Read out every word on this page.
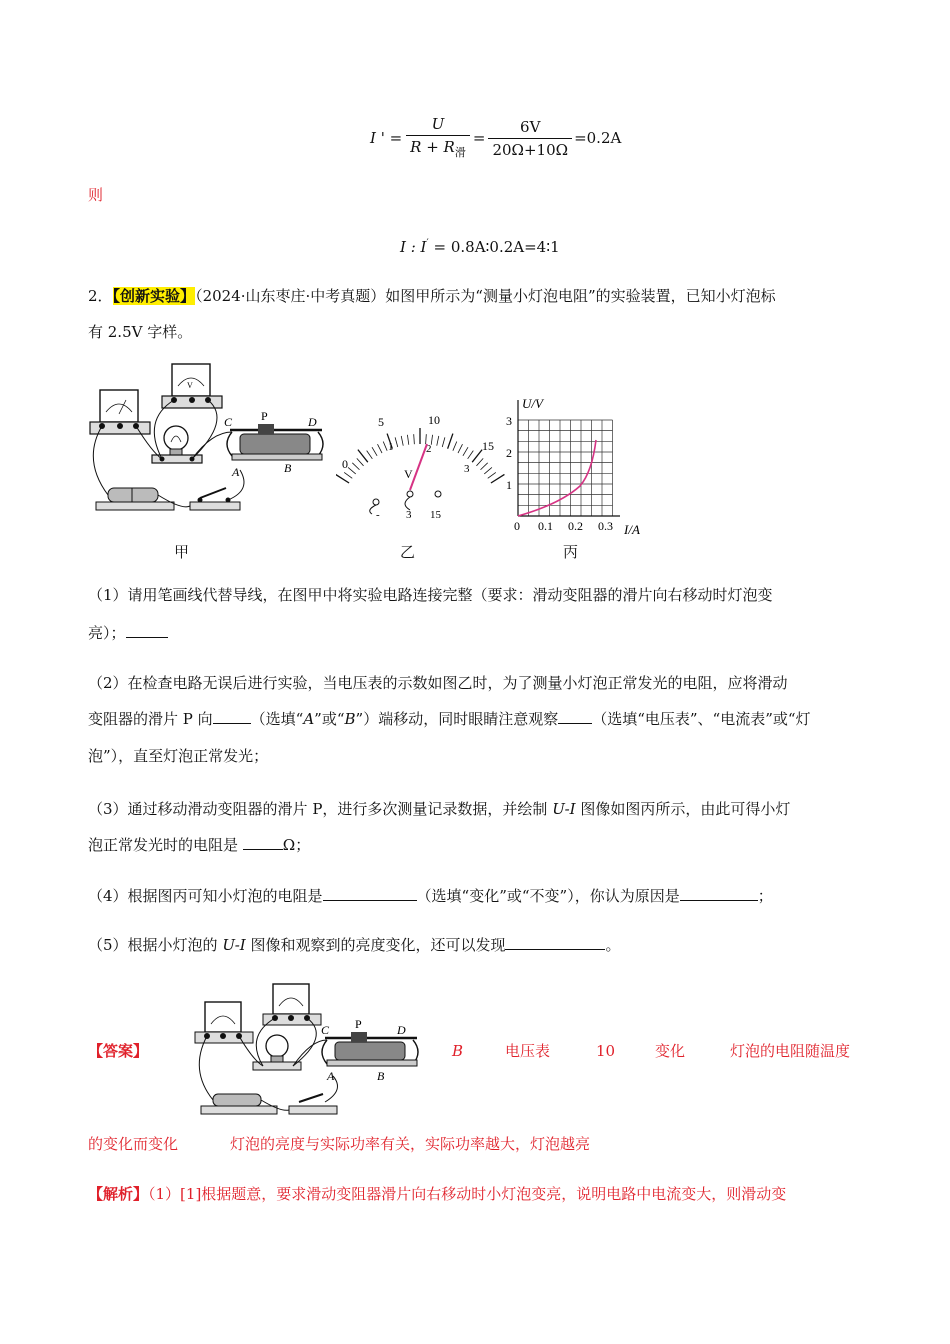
I ' = $\frac{U}{R + R_滑} = \frac{6V}{20\Omega+10\Omega} =0.2A$
则
I : I′ = 0.8A∶0.2A=4∶1
2．【创新实验】（2024·山东枣庄·中考真题）如图甲所示为“测量小灯泡电阻”的实验装置，已知小灯泡标
有 2.5V 字样。
V
C P	D
A	B
甲
0
5	10
15
1	2
3
V
- 3 15
乙
U/V
I/A
1
2
3
0 0.1 0.2 0.3
丙
（1）请用笔画线代替导线，在图甲中将实验电路连接完整（要求：滑动变阻器的滑片向右移动时灯泡变
亮）；
（2）在检查电路无误后进行实验，当电压表的示数如图乙时，为了测量小灯泡正常发光的电阻，应将滑动
变阻器的滑片 P 向	（选填“A”或“B”）端移动，同时眼睛注意观察 （选填“电压表”、“电流表”或“灯
泡”），直至灯泡正常发光；
（3）通过移动滑动变阻器的滑片 P，进行多次测量记录数据，并绘制 U-I 图像如图丙所示，由此可得小灯
泡正常发光时的电阻是	Ω；
（4）根据图丙可知小灯泡的电阻是	（选填“变化”或“不变”），你认为原因是	；
（5）根据小灯泡的 U-I 图像和观察到的亮度变化，还可以发现	。
【答案】
C P	D
A	B
B	电压表	10	变化	灯泡的电阻随温度
的变化而变化	灯泡的亮度与实际功率有关，实际功率越大，灯泡越亮
【解析】（1）[1]根据题意，要求滑动变阻器滑片向右移动时小灯泡变亮，说明电路中电流变大，则滑动变
